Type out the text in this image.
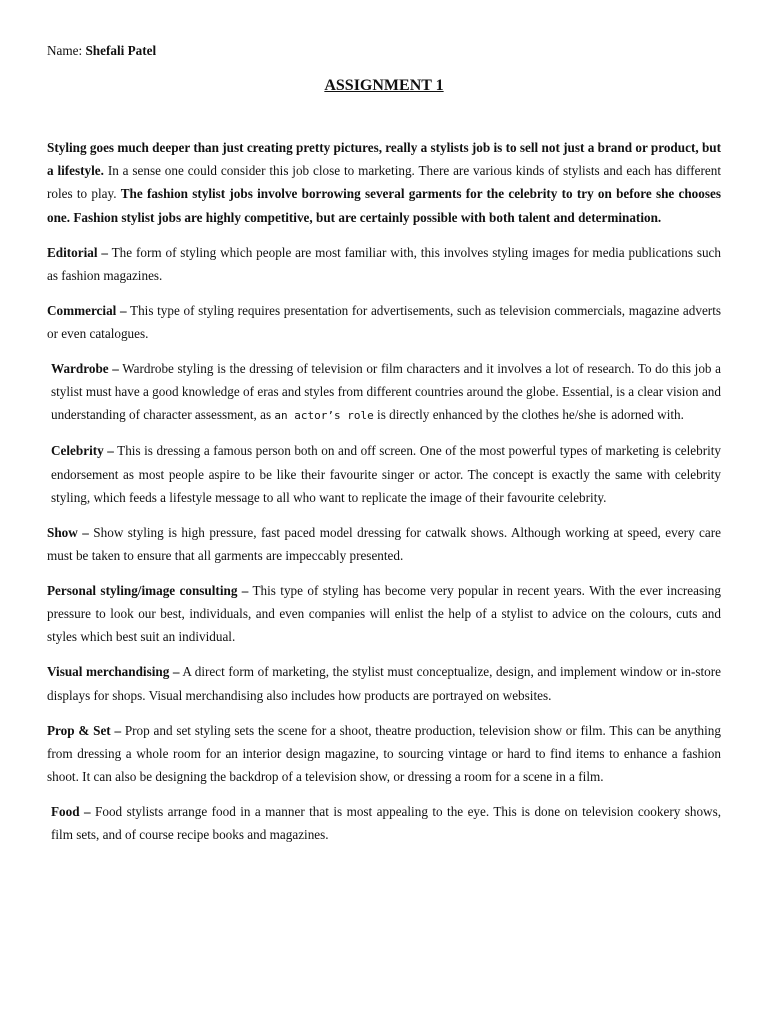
Name: Shefali Patel
ASSIGNMENT 1

Styling goes much deeper than just creating pretty pictures, really a stylists job is to sell not just a brand or product, but a lifestyle. In a sense one could consider this job close to marketing. There are various kinds of stylists and each has different roles to play. The fashion stylist jobs involve borrowing several garments for the celebrity to try on before she chooses one. Fashion stylist jobs are highly competitive, but are certainly possible with both talent and determination.

Editorial – The form of styling which people are most familiar with, this involves styling images for media publications such as fashion magazines.

Commercial – This type of styling requires presentation for advertisements, such as television commercials, magazine adverts or even catalogues.

Wardrobe – Wardrobe styling is the dressing of television or film characters and it involves a lot of research. To do this job a stylist must have a good knowledge of eras and styles from different countries around the globe. Essential, is a clear vision and understanding of character assessment, as an actor’s role is directly enhanced by the clothes he/she is adorned with.

Celebrity – This is dressing a famous person both on and off screen. One of the most powerful types of marketing is celebrity endorsement as most people aspire to be like their favourite singer or actor. The concept is exactly the same with celebrity styling, which feeds a lifestyle message to all who want to replicate the image of their favourite celebrity.

Show – Show styling is high pressure, fast paced model dressing for catwalk shows. Although working at speed, every care must be taken to ensure that all garments are impeccably presented.

Personal styling/image consulting – This type of styling has become very popular in recent years. With the ever increasing pressure to look our best, individuals, and even companies will enlist the help of a stylist to advice on the colours, cuts and styles which best suit an individual.

Visual merchandising – A direct form of marketing, the stylist must conceptualize, design, and implement window or in-store displays for shops. Visual merchandising also includes how products are portrayed on websites.

Prop & Set – Prop and set styling sets the scene for a shoot, theatre production, television show or film. This can be anything from dressing a whole room for an interior design magazine, to sourcing vintage or hard to find items to enhance a fashion shoot. It can also be designing the backdrop of a television show, or dressing a room for a scene in a film.

Food – Food stylists arrange food in a manner that is most appealing to the eye. This is done on television cookery shows, film sets, and of course recipe books and magazines.
